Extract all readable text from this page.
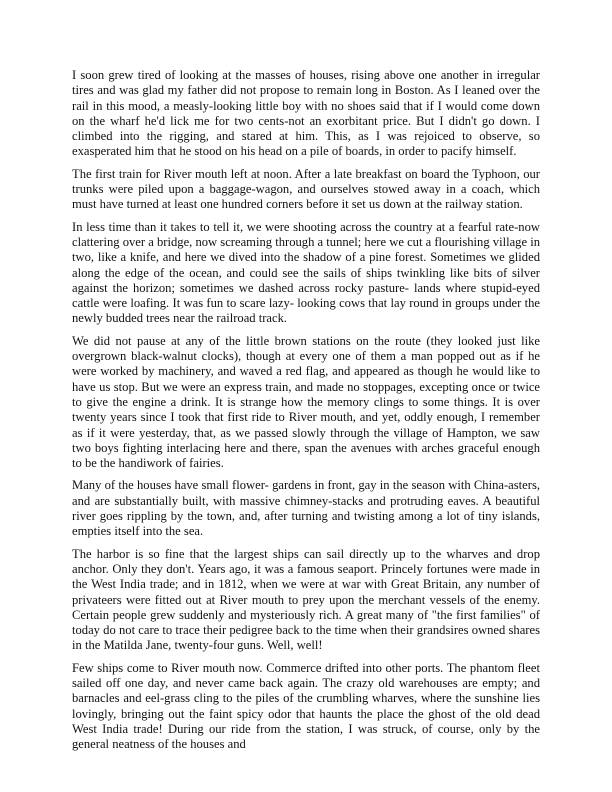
I soon grew tired of looking at the masses of houses, rising above one another in irregular tires and was glad my father did not propose to remain long in Boston. As I leaned over the rail in this mood, a measly-looking little boy with no shoes said that if I would come down on the wharf he'd lick me for two cents-not an exorbitant price. But I didn't go down. I climbed into the rigging, and stared at him. This, as I was rejoiced to observe, so exasperated him that he stood on his head on a pile of boards, in order to pacify himself.

The first train for River mouth left at noon. After a late breakfast on board the Typhoon, our trunks were piled upon a baggage-wagon, and ourselves stowed away in a coach, which must have turned at least one hundred corners before it set us down at the railway station.

In less time than it takes to tell it, we were shooting across the country at a fearful rate-now clattering over a bridge, now screaming through a tunnel; here we cut a flourishing village in two, like a knife, and here we dived into the shadow of a pine forest. Sometimes we glided along the edge of the ocean, and could see the sails of ships twinkling like bits of silver against the horizon; sometimes we dashed across rocky pasture- lands where stupid-eyed cattle were loafing. It was fun to scare lazy- looking cows that lay round in groups under the newly budded trees near the railroad track.

We did not pause at any of the little brown stations on the route (they looked just like overgrown black-walnut clocks), though at every one of them a man popped out as if he were worked by machinery, and waved a red flag, and appeared as though he would like to have us stop. But we were an express train, and made no stoppages, excepting once or twice to give the engine a drink. It is strange how the memory clings to some things. It is over twenty years since I took that first ride to River mouth, and yet, oddly enough, I remember as if it were yesterday, that, as we passed slowly through the village of Hampton, we saw two boys fighting interlacing here and there, span the avenues with arches graceful enough to be the handiwork of fairies.

Many of the houses have small flower- gardens in front, gay in the season with China-asters, and are substantially built, with massive chimney-stacks and protruding eaves. A beautiful river goes rippling by the town, and, after turning and twisting among a lot of tiny islands, empties itself into the sea.

The harbor is so fine that the largest ships can sail directly up to the wharves and drop anchor. Only they don't. Years ago, it was a famous seaport. Princely fortunes were made in the West India trade; and in 1812, when we were at war with Great Britain, any number of privateers were fitted out at River mouth to prey upon the merchant vessels of the enemy. Certain people grew suddenly and mysteriously rich. A great many of "the first families" of today do not care to trace their pedigree back to the time when their grandsires owned shares in the Matilda Jane, twenty-four guns. Well, well!

Few ships come to River mouth now. Commerce drifted into other ports. The phantom fleet sailed off one day, and never came back again. The crazy old warehouses are empty; and barnacles and eel-grass cling to the piles of the crumbling wharves, where the sunshine lies lovingly, bringing out the faint spicy odor that haunts the place the ghost of the old dead West India trade! During our ride from the station, I was struck, of course, only by the general neatness of the houses and
